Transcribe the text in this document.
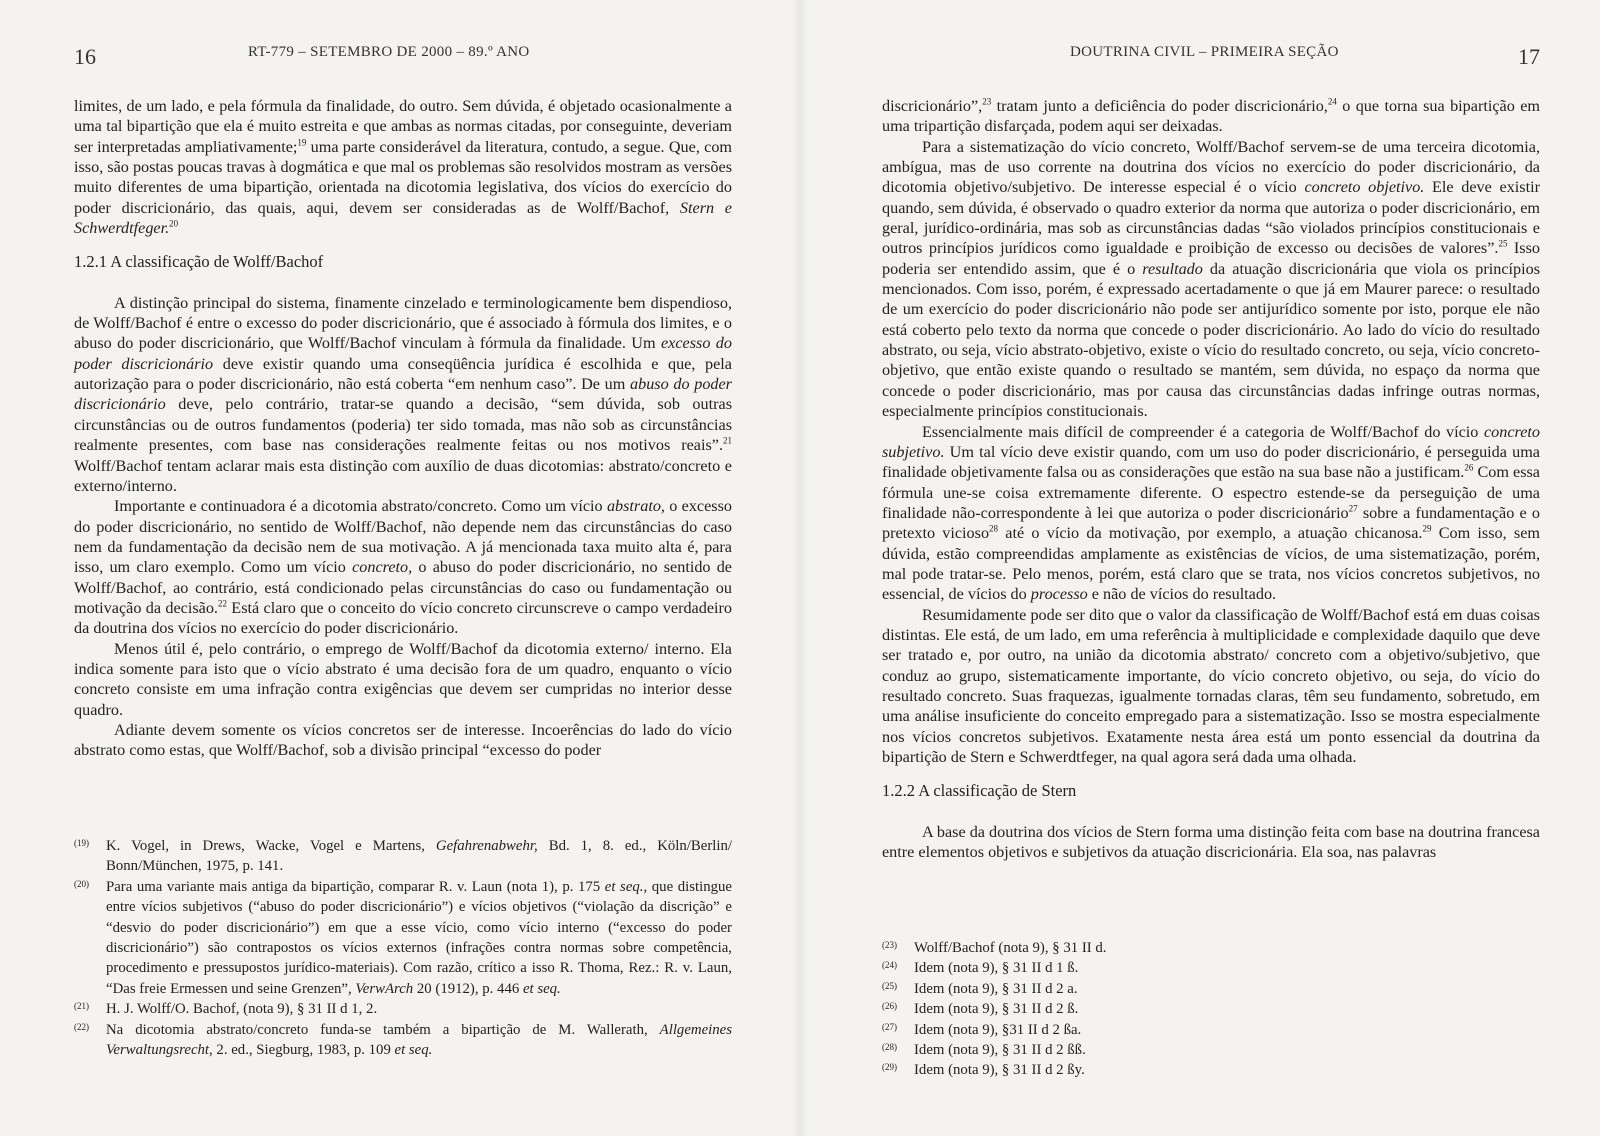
16	RT-779 – SETEMBRO DE 2000 – 89.º ANO

limites, de um lado, e pela fórmula da finalidade, do outro. Sem dúvida, é objetado ocasionalmente a uma tal bipartição que ela é muito estreita e que ambas as normas citadas, por conseguinte, deveriam ser interpretadas ampliativamente;$^{19}$ uma parte considerável da literatura, contudo, a segue. Que, com isso, são postas poucas travas à dogmática e que mal os problemas são resolvidos mostram as versões muito diferentes de uma bipartição, orientada na dicotomia legislativa, dos vícios do exercício do poder discricionário, das quais, aqui, devem ser consideradas as de Wolff/Bachof, Stern e Schwerdtfeger.$^{20}$

1.2.1 A classificação de Wolff/Bachof

A distinção principal do sistema, finamente cinzelado e terminologicamente bem dispendioso, de Wolff/Bachof é entre o excesso do poder discricionário, que é associado à fórmula dos limites, e o abuso do poder discricionário, que Wolff/Bachof vinculam à fórmula da finalidade. Um excesso do poder discricionário deve existir quando uma conseqüência jurídica é escolhida e que, pela autorização para o poder discricionário, não está coberta “em nenhum caso”. De um abuso do poder discricionário deve, pelo contrário, tratar-se quando a decisão, “sem dúvida, sob outras circunstâncias ou de outros fundamentos (poderia) ter sido tomada, mas não sob as circunstâncias realmente presentes, com base nas considerações realmente feitas ou nos motivos reais”.$^{21}$ Wolff/Bachof tentam aclarar mais esta distinção com auxílio de duas dicotomias: abstrato/concreto e externo/interno.

Importante e continuadora é a dicotomia abstrato/concreto. Como um vício abstrato, o excesso do poder discricionário, no sentido de Wolff/Bachof, não depende nem das circunstâncias do caso nem da fundamentação da decisão nem de sua motivação. A já mencionada taxa muito alta é, para isso, um claro exemplo. Como um vício concreto, o abuso do poder discricionário, no sentido de Wolff/Bachof, ao contrário, está condicionado pelas circunstâncias do caso ou fundamentação ou motivação da decisão.$^{22}$ Está claro que o conceito do vício concreto circunscreve o campo verdadeiro da doutrina dos vícios no exercício do poder discricionário.

Menos útil é, pelo contrário, o emprego de Wolff/Bachof da dicotomia externo/ interno. Ela indica somente para isto que o vício abstrato é uma decisão fora de um quadro, enquanto o vício concreto consiste em uma infração contra exigências que devem ser cumpridas no interior desse quadro.

Adiante devem somente os vícios concretos ser de interesse. Incoerências do lado do vício abstrato como estas, que Wolff/Bachof, sob a divisão principal “excesso do poder

(19)	K. Vogel, in Drews, Wacke, Vogel e Martens, Gefahrenabwehr, Bd. 1, 8. ed., Köln/Berlin/ Bonn/München, 1975, p. 141.
(20)	Para uma variante mais antiga da bipartição, comparar R. v. Laun (nota 1), p. 175 et seq., que distingue entre vícios subjetivos (“abuso do poder discricionário”) e vícios objetivos (“violação da discrição” e “desvio do poder discricionário”) em que a esse vício, como vício interno (“excesso do poder discricionário”) são contrapostos os vícios externos (infrações contra normas sobre competência, procedimento e pressupostos jurídico-materiais). Com razão, crítico a isso R. Thoma, Rez.: R. v. Laun, “Das freie Ermessen und seine Grenzen”, VerwArch 20 (1912), p. 446 et seq.
(21)	H. J. Wolff/O. Bachof, (nota 9), § 31 II d 1, 2.
(22)	Na dicotomia abstrato/concreto funda-se também a bipartição de M. Wallerath, Allgemeines Verwaltungsrecht, 2. ed., Siegburg, 1983, p. 109 et seq.
DOUTRINA CIVIL – PRIMEIRA SEÇÃO	17

discricionário”,$^{23}$ tratam junto a deficiência do poder discricionário,$^{24}$ o que torna sua bipartição em uma tripartição disfarçada, podem aqui ser deixadas.

Para a sistematização do vício concreto, Wolff/Bachof servem-se de uma terceira dicotomia, ambígua, mas de uso corrente na doutrina dos vícios no exercício do poder discricionário, da dicotomia objetivo/subjetivo. De interesse especial é o vício concreto objetivo. Ele deve existir quando, sem dúvida, é observado o quadro exterior da norma que autoriza o poder discricionário, em geral, jurídico-ordinária, mas sob as circunstâncias dadas “são violados princípios constitucionais e outros princípios jurídicos como igualdade e proibição de excesso ou decisões de valores”.$^{25}$ Isso poderia ser entendido assim, que é o resultado da atuação discricionária que viola os princípios mencionados. Com isso, porém, é expressado acertadamente o que já em Maurer parece: o resultado de um exercício do poder discricionário não pode ser antijurídico somente por isto, porque ele não está coberto pelo texto da norma que concede o poder discricionário. Ao lado do vício do resultado abstrato, ou seja, vício abstrato-objetivo, existe o vício do resultado concreto, ou seja, vício concreto-objetivo, que então existe quando o resultado se mantém, sem dúvida, no espaço da norma que concede o poder discricionário, mas por causa das circunstâncias dadas infringe outras normas, especialmente princípios constitucionais.

Essencialmente mais difícil de compreender é a categoria de Wolff/Bachof do vício concreto subjetivo. Um tal vício deve existir quando, com um uso do poder discricionário, é perseguida uma finalidade objetivamente falsa ou as considerações que estão na sua base não a justificam.$^{26}$ Com essa fórmula une-se coisa extremamente diferente. O espectro estende-se da perseguição de uma finalidade não-correspondente à lei que autoriza o poder discricionário$^{27}$ sobre a fundamentação e o pretexto vicioso$^{28}$ até o vício da motivação, por exemplo, a atuação chicanosa.$^{29}$ Com isso, sem dúvida, estão compreendidas amplamente as existências de vícios, de uma sistematização, porém, mal pode tratar-se. Pelo menos, porém, está claro que se trata, nos vícios concretos subjetivos, no essencial, de vícios do processo e não de vícios do resultado.

Resumidamente pode ser dito que o valor da classificação de Wolff/Bachof está em duas coisas distintas. Ele está, de um lado, em uma referência à multiplicidade e complexidade daquilo que deve ser tratado e, por outro, na união da dicotomia abstrato/ concreto com a objetivo/subjetivo, que conduz ao grupo, sistematicamente importante, do vício concreto objetivo, ou seja, do vício do resultado concreto. Suas fraquezas, igualmente tornadas claras, têm seu fundamento, sobretudo, em uma análise insuficiente do conceito empregado para a sistematização. Isso se mostra especialmente nos vícios concretos subjetivos. Exatamente nesta área está um ponto essencial da doutrina da bipartição de Stern e Schwerdtfeger, na qual agora será dada uma olhada.

1.2.2 A classificação de Stern

A base da doutrina dos vícios de Stern forma uma distinção feita com base na doutrina francesa entre elementos objetivos e subjetivos da atuação discricionária. Ela soa, nas palavras

(23)	Wolff/Bachof (nota 9), § 31 II d.
(24)	Idem (nota 9), § 31 II d 1 ß.
(25)	Idem (nota 9), § 31 II d 2 a.
(26)	Idem (nota 9), § 31 II d 2 ß.
(27)	Idem (nota 9), §31 II d 2 ßa.
(28)	Idem (nota 9), § 31 II d 2 ßß.
(29)	Idem (nota 9), § 31 II d 2 ßy.
